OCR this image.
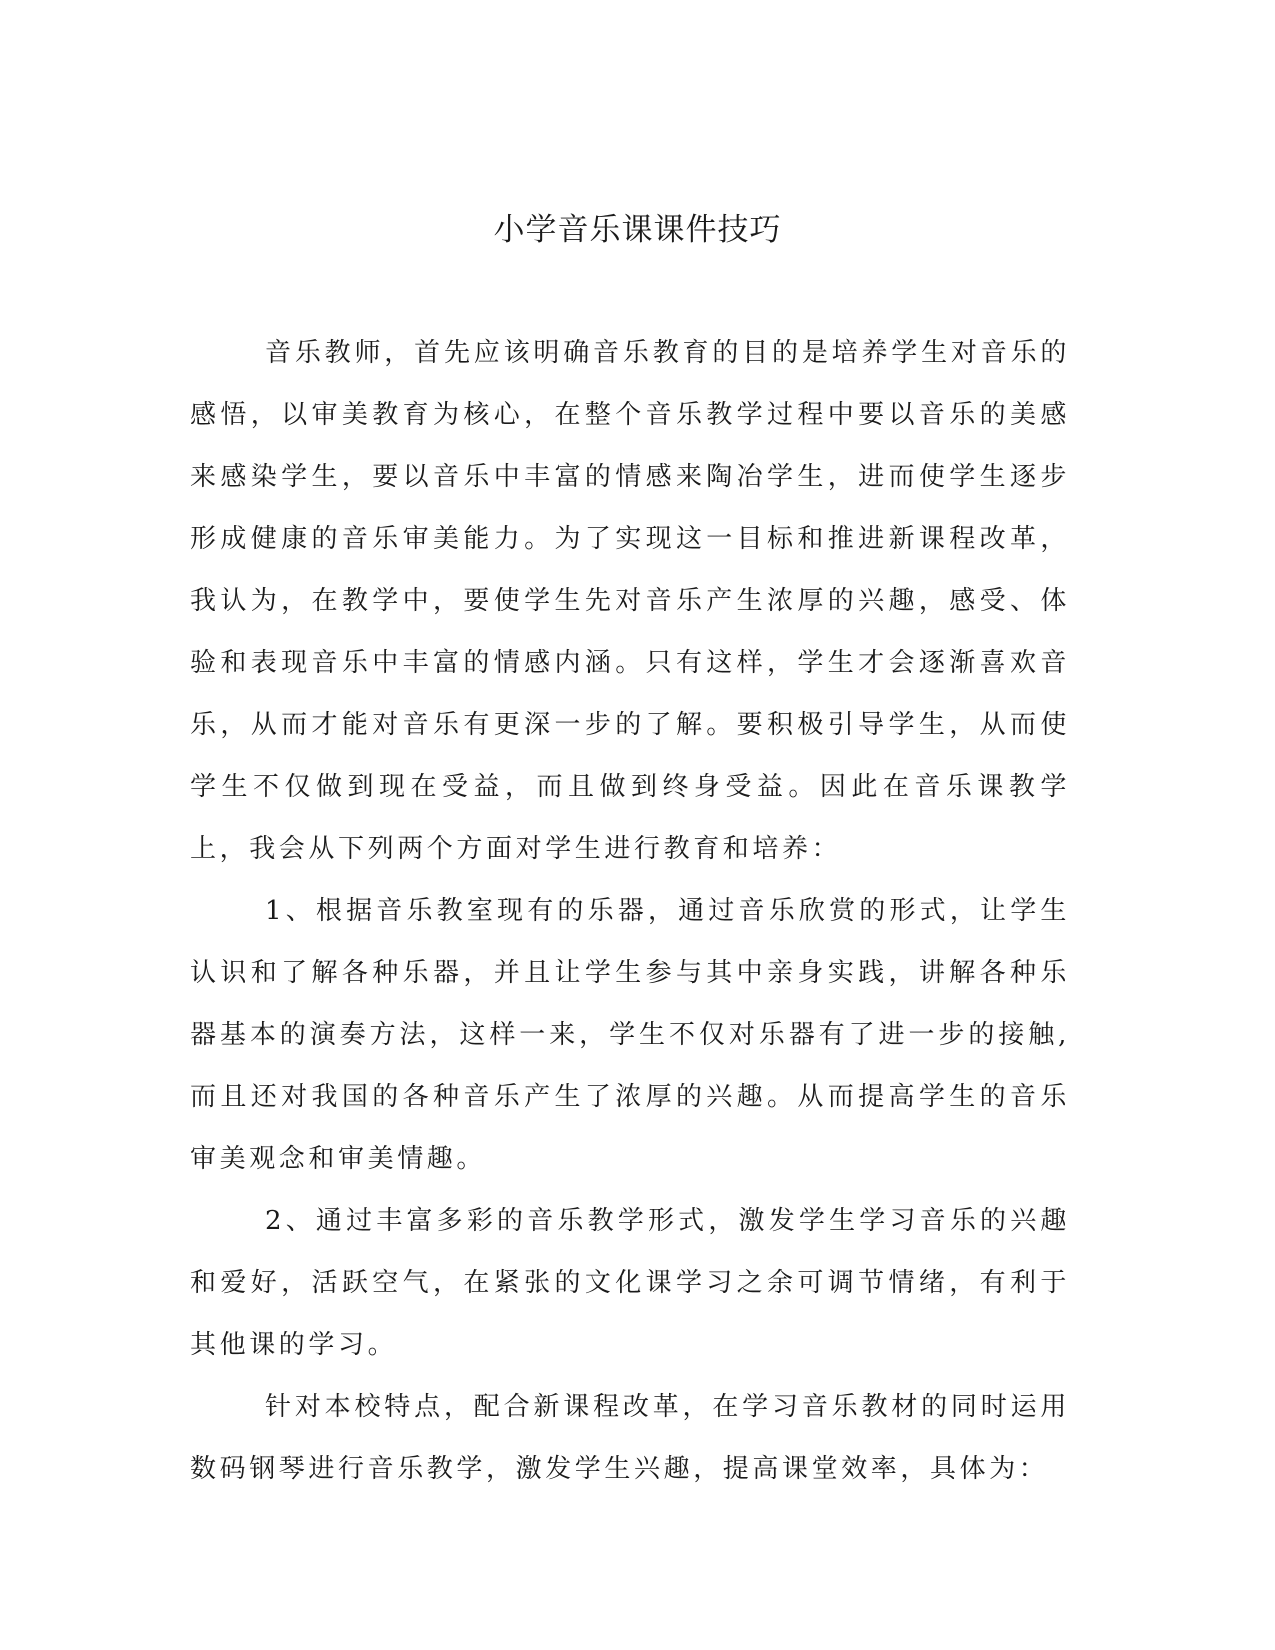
小学音乐课课件技巧

音乐教师，首先应该明确音乐教育的目的是培养学生对音乐的感悟，以审美教育为核心，在整个音乐教学过程中要以音乐的美感来感染学生，要以音乐中丰富的情感来陶冶学生，进而使学生逐步形成健康的音乐审美能力。为了实现这一目标和推进新课程改革，我认为，在教学中，要使学生先对音乐产生浓厚的兴趣，感受、体验和表现音乐中丰富的情感内涵。只有这样，学生才会逐渐喜欢音乐，从而才能对音乐有更深一步的了解。要积极引导学生，从而使学生不仅做到现在受益，而且做到终身受益。因此在音乐课教学上，我会从下列两个方面对学生进行教育和培养：

1、根据音乐教室现有的乐器，通过音乐欣赏的形式，让学生认识和了解各种乐器，并且让学生参与其中亲身实践，讲解各种乐器基本的演奏方法，这样一来，学生不仅对乐器有了进一步的接触,而且还对我国的各种音乐产生了浓厚的兴趣。从而提高学生的音乐审美观念和审美情趣。

2、通过丰富多彩的音乐教学形式，激发学生学习音乐的兴趣和爱好，活跃空气，在紧张的文化课学习之余可调节情绪，有利于其他课的学习。

针对本校特点，配合新课程改革，在学习音乐教材的同时运用数码钢琴进行音乐教学，激发学生兴趣，提高课堂效率，具体为：
